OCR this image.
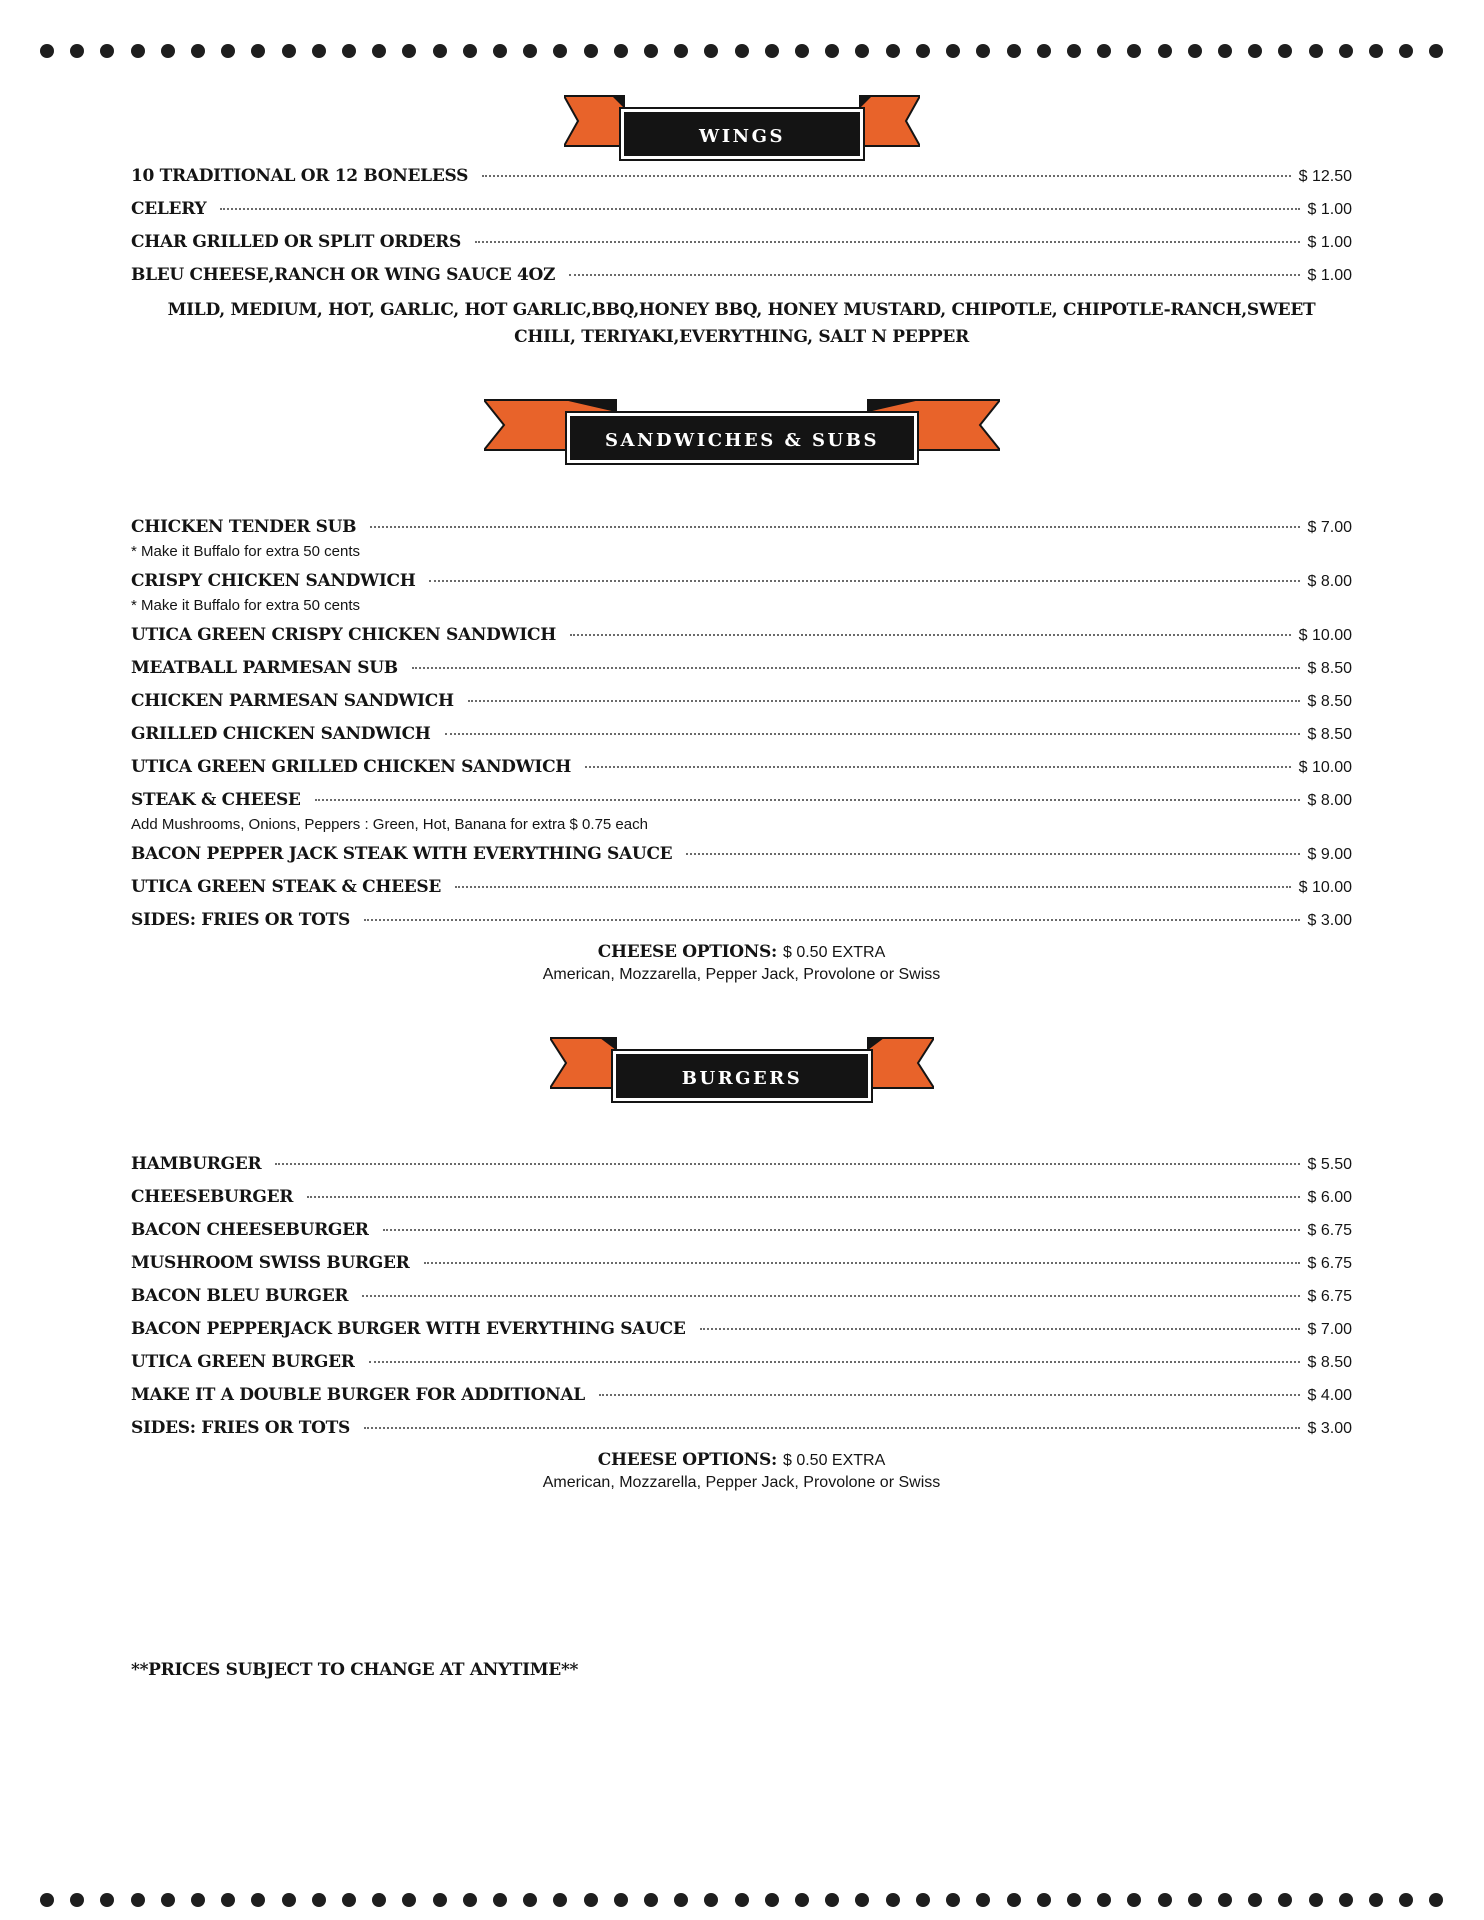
WINGS
10 TRADITIONAL OR 12 BONELESS	$ 12.50
CELERY	$ 1.00
CHAR GRILLED OR SPLIT ORDERS	$ 1.00
BLEU CHEESE,RANCH OR WING SAUCE 4OZ	$ 1.00
MILD, MEDIUM, HOT, GARLIC, HOT GARLIC,BBQ,HONEY BBQ, HONEY MUSTARD, CHIPOTLE, CHIPOTLE-RANCH,SWEET
CHILI, TERIYAKI,EVERYTHING, SALT N PEPPER
SANDWICHES & SUBS
CHICKEN TENDER SUB	$ 7.00
* Make it Buffalo for extra 50 cents
CRISPY CHICKEN SANDWICH	$ 8.00
* Make it Buffalo for extra 50 cents
UTICA GREEN CRISPY CHICKEN SANDWICH	$ 10.00
MEATBALL PARMESAN SUB	$ 8.50
CHICKEN PARMESAN SANDWICH	$ 8.50
GRILLED CHICKEN SANDWICH	$ 8.50
UTICA GREEN GRILLED CHICKEN SANDWICH	$ 10.00
STEAK & CHEESE	$ 8.00
Add Mushrooms, Onions, Peppers : Green, Hot, Banana for extra $ 0.75 each
BACON PEPPER JACK STEAK WITH EVERYTHING SAUCE	$ 9.00
UTICA GREEN STEAK & CHEESE	$ 10.00
SIDES: FRIES OR TOTS	$ 3.00
CHEESE OPTIONS: $ 0.50 EXTRA
American, Mozzarella, Pepper Jack, Provolone or Swiss
BURGERS
HAMBURGER	$ 5.50
CHEESEBURGER	$ 6.00
BACON CHEESEBURGER	$ 6.75
MUSHROOM SWISS BURGER	$ 6.75
BACON BLEU BURGER	$ 6.75
BACON PEPPERJACK BURGER WITH EVERYTHING SAUCE	$ 7.00
UTICA GREEN BURGER	$ 8.50
MAKE IT A DOUBLE BURGER FOR ADDITIONAL	$ 4.00
SIDES: FRIES OR TOTS	$ 3.00
CHEESE OPTIONS: $ 0.50 EXTRA
American, Mozzarella, Pepper Jack, Provolone or Swiss
**PRICES SUBJECT TO CHANGE AT ANYTIME**
